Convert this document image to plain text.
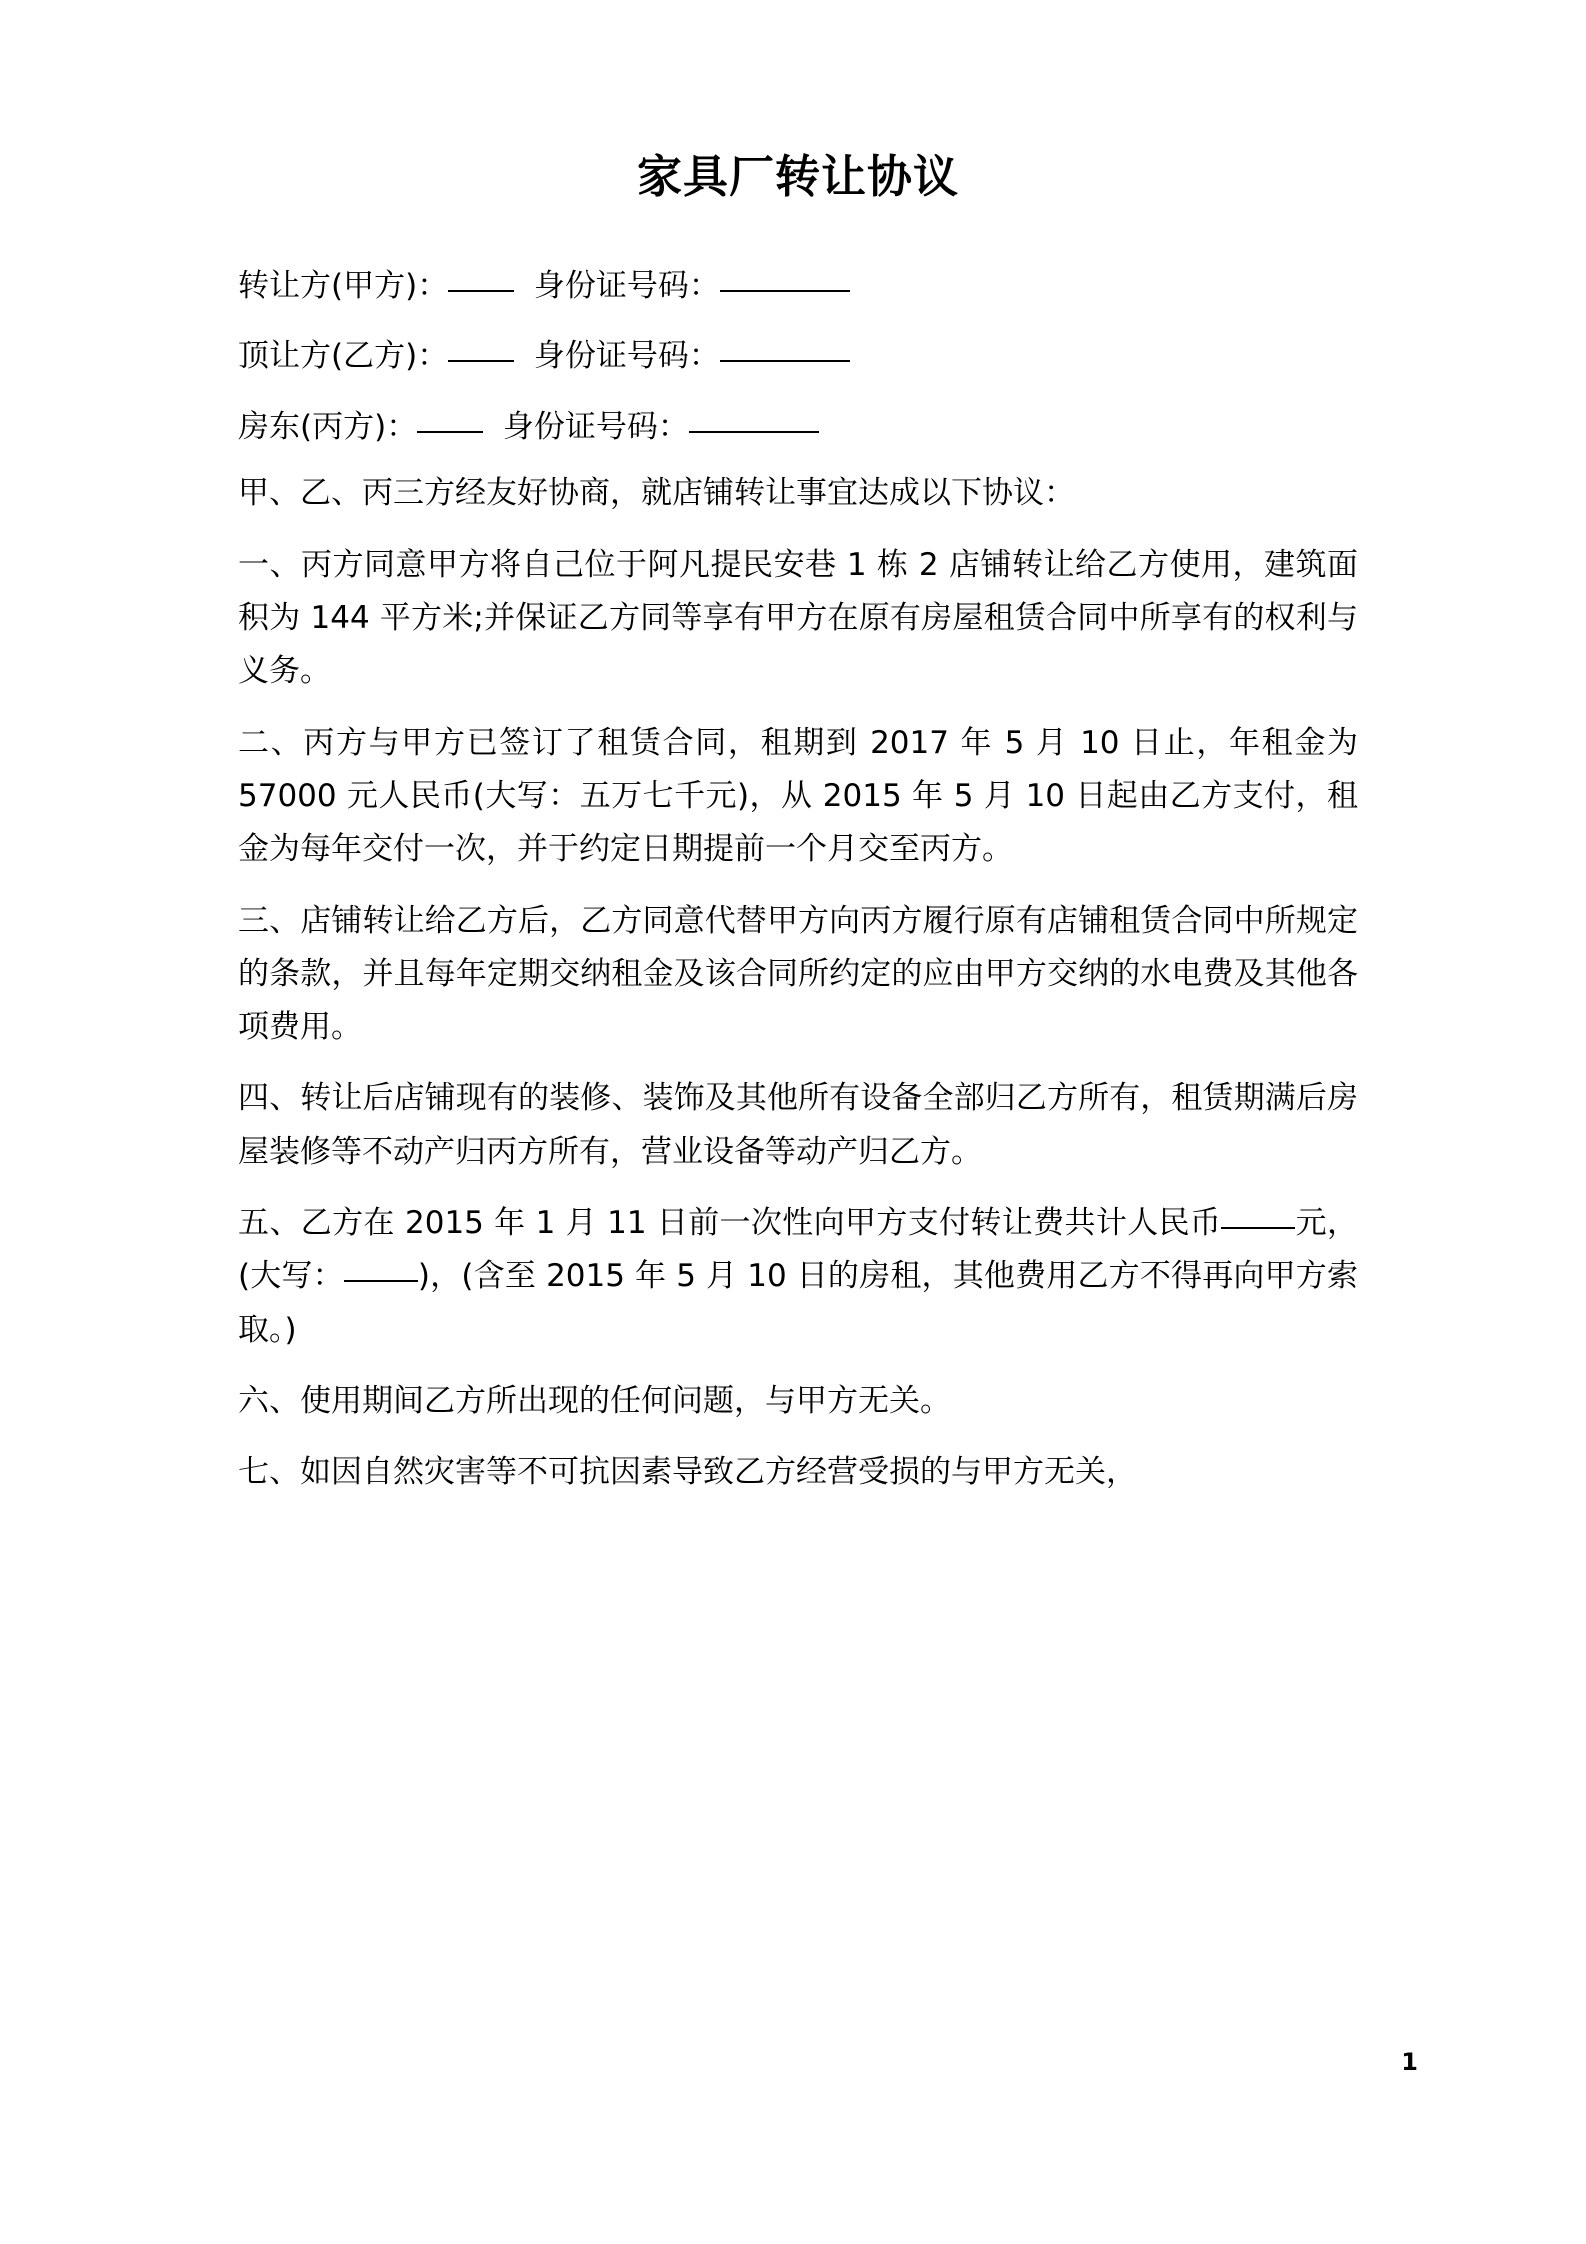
家具厂转让协议
转让方(甲方)：	身份证号码：
顶让方(乙方)：	身份证号码：
房东(丙方)：	身份证号码：

甲、乙、丙三方经友好协商，就店铺转让事宜达成以下协议：

一、丙方同意甲方将自己位于阿凡提民安巷 1 栋 2 店铺转让给乙方使用，建筑面积为 144 平方米;并保证乙方同等享有甲方在原有房屋租赁合同中所享有的权利与义务。

二、丙方与甲方已签订了租赁合同，租期到 2017 年 5 月 10 日止，年租金为 57000 元人民币(大写：五万七千元)，从 2015 年 5 月 10 日起由乙方支付，租金为每年交付一次，并于约定日期提前一个月交至丙方。

三、店铺转让给乙方后，乙方同意代替甲方向丙方履行原有店铺租赁合同中所规定的条款，并且每年定期交纳租金及该合同所约定的应由甲方交纳的水电费及其他各项费用。

四、转让后店铺现有的装修、装饰及其他所有设备全部归乙方所有，租赁期满后房屋装修等不动产归丙方所有，营业设备等动产归乙方。

五、乙方在 2015 年 1 月 11 日前一次性向甲方支付转让费共计人民币 元，(大写： )，(含至 2015 年 5 月 10 日的房租，其他费用乙方不得再向甲方索取。)

六、使用期间乙方所出现的任何问题，与甲方无关。

七、如因自然灾害等不可抗因素导致乙方经营受损的与甲方无关，

1
